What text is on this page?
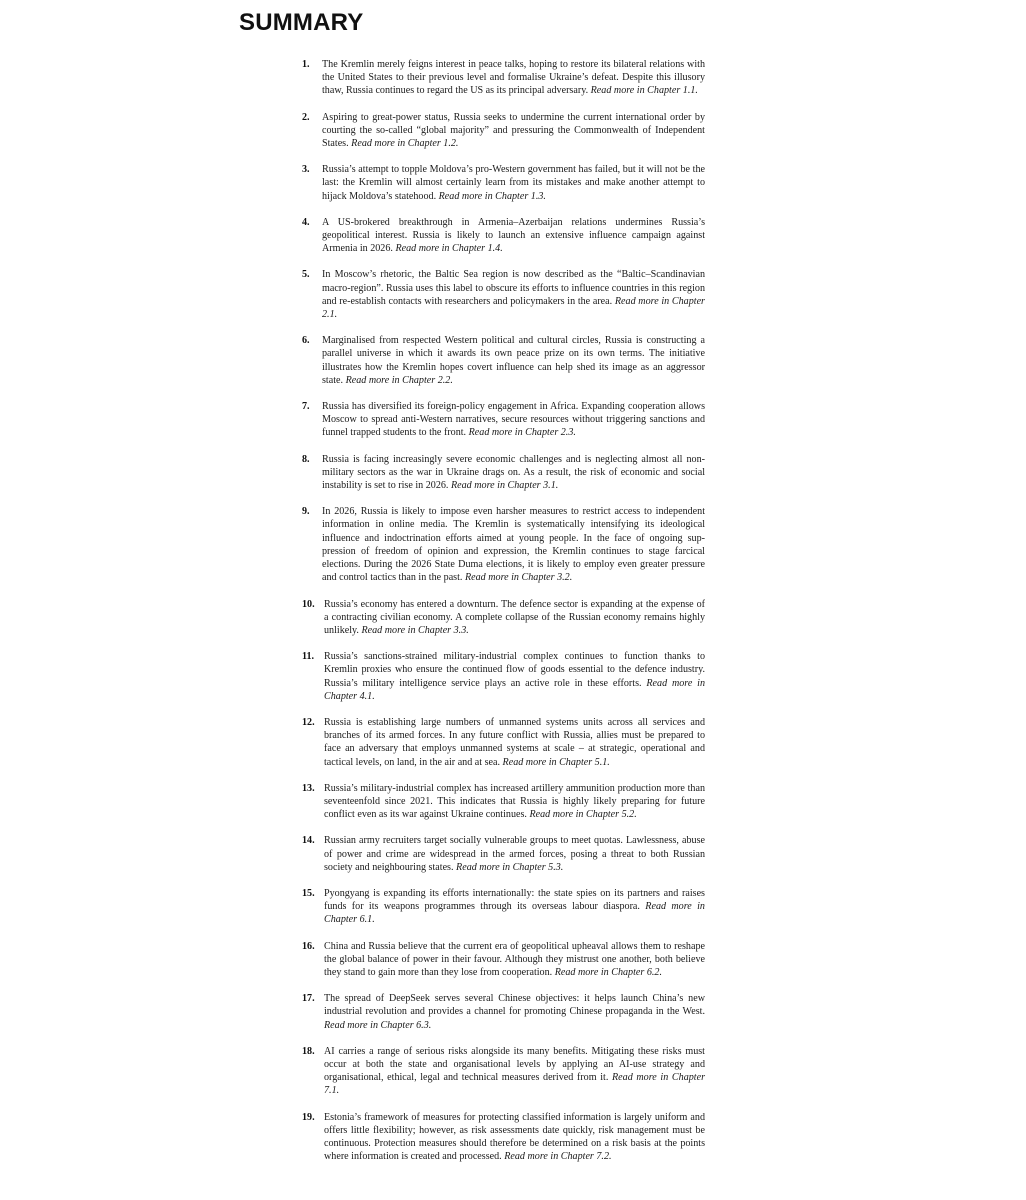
SUMMARY
1.	The Kremlin merely feigns interest in peace talks, hoping to restore its bilateral relations with the United States to their previous level and formalise Ukraine’s defeat. Despite this illusory thaw, Russia continues to regard the US as its principal adversary. Read more in Chapter 1.1.
2.	Aspiring to great-power status, Russia seeks to undermine the current international order by courting the so-called “global majority” and pressuring the Commonwealth of Independent States. Read more in Chapter 1.2.
3.	Russia’s attempt to topple Moldova’s pro-Western government has failed, but it will not be the last: the Kremlin will almost certainly learn from its mistakes and make another attempt to hijack Moldova’s statehood. Read more in Chapter 1.3.
4.	A US-brokered breakthrough in Armenia–Azerbaijan relations undermines Russia’s geopolitical interest. Russia is likely to launch an extensive influence campaign against Armenia in 2026. Read more in Chapter 1.4.
5.	In Moscow’s rhetoric, the Baltic Sea region is now described as the “Baltic–Scandinavian macro-region”. Russia uses this label to obscure its efforts to influence countries in this region and re-establish contacts with researchers and policymakers in the area. Read more in Chapter 2.1.
6.	Marginalised from respected Western political and cultural circles, Russia is constructing a parallel universe in which it awards its own peace prize on its own terms. The initiative illustrates how the Kremlin hopes covert influence can help shed its image as an aggressor state. Read more in Chapter 2.2.
7.	Russia has diversified its foreign-policy engagement in Africa. Expanding cooperation allows Moscow to spread anti-Western narratives, secure resources without triggering sanctions and funnel trapped students to the front. Read more in Chapter 2.3.
8.	Russia is facing increasingly severe economic challenges and is neglecting almost all non-military sectors as the war in Ukraine drags on. As a result, the risk of economic and social instability is set to rise in 2026. Read more in Chapter 3.1.
9.	In 2026, Russia is likely to impose even harsher measures to restrict access to independent information in online media. The Kremlin is systematically intensifying its ideological influence and indoctrination efforts aimed at young people. In the face of ongoing sup-pression of freedom of opinion and expression, the Kremlin continues to stage farcical elections. During the 2026 State Duma elections, it is likely to employ even greater pressure and control tactics than in the past. Read more in Chapter 3.2.
10. Russia’s economy has entered a downturn. The defence sector is expanding at the expense of a contracting civilian economy. A complete collapse of the Russian economy remains highly unlikely. Read more in Chapter 3.3.
11. Russia’s sanctions-strained military-industrial complex continues to function thanks to Kremlin proxies who ensure the continued flow of goods essential to the defence industry. Russia’s military intelligence service plays an active role in these efforts. Read more in Chapter 4.1.
12. Russia is establishing large numbers of unmanned systems units across all services and branches of its armed forces. In any future conflict with Russia, allies must be prepared to face an adversary that employs unmanned systems at scale – at strategic, operational and tactical levels, on land, in the air and at sea. Read more in Chapter 5.1.
13. Russia’s military-industrial complex has increased artillery ammunition production more than seventeenfold since 2021. This indicates that Russia is highly likely preparing for future conflict even as its war against Ukraine continues. Read more in Chapter 5.2.
14. Russian army recruiters target socially vulnerable groups to meet quotas. Lawlessness, abuse of power and crime are widespread in the armed forces, posing a threat to both Russian society and neighbouring states. Read more in Chapter 5.3.
15. Pyongyang is expanding its efforts internationally: the state spies on its partners and raises funds for its weapons programmes through its overseas labour diaspora. Read more in Chapter 6.1.
16. China and Russia believe that the current era of geopolitical upheaval allows them to reshape the global balance of power in their favour. Although they mistrust one another, both believe they stand to gain more than they lose from cooperation. Read more in Chapter 6.2.
17. The spread of DeepSeek serves several Chinese objectives: it helps launch China’s new industrial revolution and provides a channel for promoting Chinese propaganda in the West. Read more in Chapter 6.3.
18. AI carries a range of serious risks alongside its many benefits. Mitigating these risks must occur at both the state and organisational levels by applying an AI-use strategy and organisational, ethical, legal and technical measures derived from it. Read more in Chapter 7.1.
19. Estonia’s framework of measures for protecting classified information is largely uniform and offers little flexibility; however, as risk assessments date quickly, risk management must be continuous. Protection measures should therefore be determined on a risk basis at the points where information is created and processed. Read more in Chapter 7.2.
